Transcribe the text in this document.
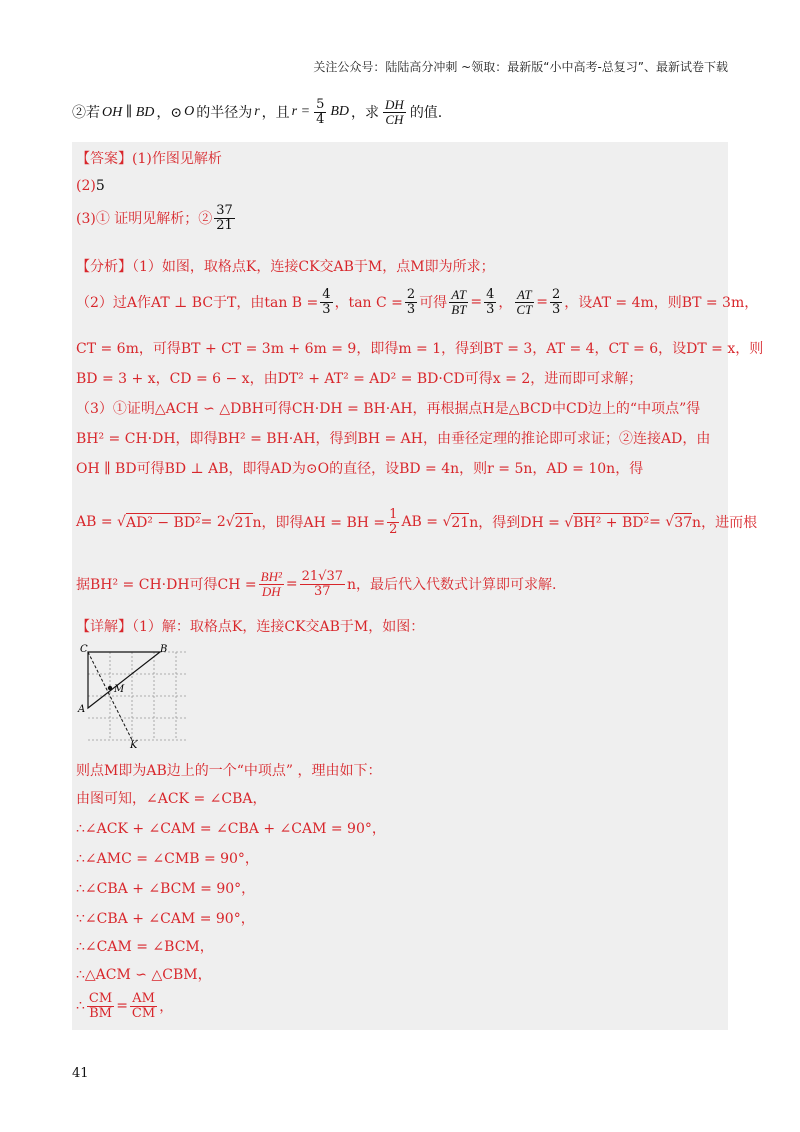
关注公众号：陆陆高分冲刺 ~领取：最新版“小中高考-总复习”、最新试卷下载
②若 OH ∥ BD ，⊙ O 的半径为 r ，且 $r = \frac{5}{4}$ BD ，求 $\frac{DH}{CH}$ 的值.
【答案】(1)作图见解析
(2) 5
(3)① 证明见解析；② $\frac{37}{21}$
【分析】（1）如图，取格点K，连接CK交AB于M，点M即为所求；
（2）过A作AT ⊥ BC于T，由$\tan B = \frac{4}{3}$ ，$\tan C = \frac{2}{3}$ 可得 $\frac{AT}{BT} = \frac{4}{3}$ ， $\frac{AT}{CT} = \frac{2}{3}$ ，设AT = 4m，则BT = 3m，
CT = 6m，可得BT + CT = 3m + 6m = 9，即得m = 1，得到BT = 3，AT = 4，CT = 6，设DT = x，则
BD = 3 + x，CD = 6 − x，由DT² + AT² = AD² = BD·CD可得x = 2，进而即可求解；
（3）①证明△ACH ∽ △DBH可得CH·DH = BH·AH，再根据点H是△BCD中CD边上的“中项点”得
BH² = CH·DH，即得BH² = BH·AH，得到BH = AH，由垂径定理的推论即可求证；②连接AD，由
OH ∥ BD可得BD ⊥ AB，即得AD为⊙O的直径，设BD = 4n，则r = 5n，AD = 10n，得
AB = √ AD² − BD² = 2√ 21 n，即得AH = BH = $\frac{1}{2}$ AB = √ 21 n，得到DH = √ BH² + BD² = √ 37 n，进而根
据BH² = CH·DH可得CH = $\frac{\text{BH²}}{DH} = \frac{21√37}{37}$ n，最后代入代数式计算即可求解.
【详解】（1）解：取格点K，连接CK交AB于M，如图：
C	B
A
M
K
则点M即为AB边上的一个“中项点” ，理由如下：
由图可知，∠ACK = ∠CBA，
∴∠ACK + ∠CAM = ∠CBA + ∠CAM = 90°，
∴∠AMC = ∠CMB = 90°，
∴∠CBA + ∠BCM = 90°，
∵∠CBA + ∠CAM = 90°，
∴∠CAM = ∠BCM，
∴△ACM ∽ △CBM，
∴ $\frac{CM}{BM} = \frac{AM}{CM}$ ，
41
